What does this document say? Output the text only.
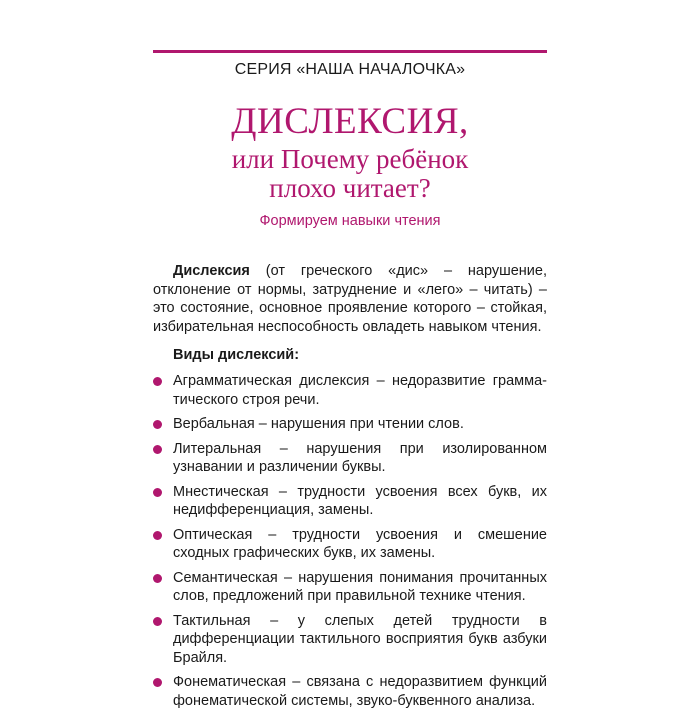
СЕРИЯ «НАША НАЧАЛОЧКА»
ДИСЛЕКСИЯ,
или Почему ребёнок
плохо читает?
Формируем навыки чтения

Дислексия (от греческого «дис» – нарушение, отклонение от нормы, затруднение и «лего» – читать) – это состояние, основное проявление которого – стойкая, избирательная неспособность овладеть навыком чтения.

Виды дислексий:
Аграмматическая дислексия – недоразвитие грамма-тического строя речи.
Вербальная – нарушения при чтении слов.
Литеральная – нарушения при изолированном узнавании и различении буквы.
Мнестическая – трудности усвоения всех букв, их недифференциация, замены.
Оптическая – трудности усвоения и смешение сходных графических букв, их замены.
Семантическая – нарушения понимания прочитанных слов, предложений при правильной технике чтения.
Тактильная – у слепых детей трудности в дифференциации тактильного восприятия букв азбуки Брайля.
Фонематическая – связана с недоразвитием функций фонематической системы, звуко-буквенного анализа.
